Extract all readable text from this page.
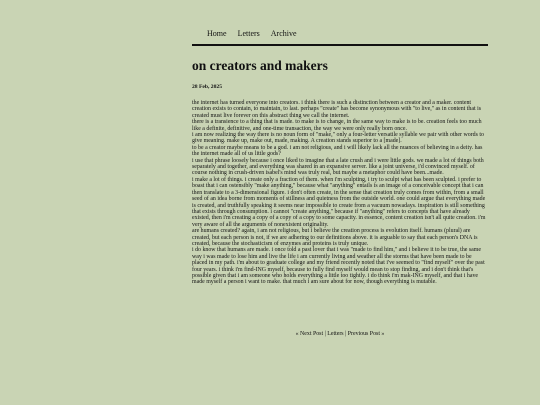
Home Letters Archive
on creators and makers
28 Feb, 2025

the internet has turned everyone into creators. i think there is such a distinction between a creator and a maker. content creation exists to contain, to maintain, to last. perhaps "create" has become synonymous with "to live," as in content that is created must live forever on this abstract thing we call the internet.

there is a transience to a thing that is made. to make is to change, in the same way to make is to be. creation feels too much like a definite, definitive, and one-time transaction, the way we were only really born once.

i am now realizing the way there is no noun form of "make," only a four-letter versatile syllable we pair with other words to give meaning. make up, make out, made, making. A creation stands superior to a [made].

to be a creator maybe means to be a god. i am not religious, and i will likely lack all the nuances of believing in a deity. has the internet made all of us little gods?

i use that phrase loosely because i once liked to imagine that a late crush and i were little gods. we made a lot of things both separately and together, and everything was shared in an expansive server. like a joint universe, i'd convinced myself. of course nothing in crush-driven isabel's mind was truly real, but maybe a metaphor could have been...made.

i make a lot of things. i create only a fraction of them. when i'm sculpting, i try to sculpt what has been sculpted. i prefer to boast that i can ostensibly "make anything," because what "anything" entails is an image of a conceivable concept that i can then translate to a 3-dimensional figure. i don't often create, in the sense that creation truly comes from within, from a small seed of an idea borne from moments of stillness and quietness from the outside world. one could argue that everything made is created, and truthfully speaking it seems near impossible to create from a vacuum nowadays. inspiration is still something that exists through consumption. i cannot "create anything," because if "anything" refers to concepts that have already existed, then i'm creating a copy of a copy of a copy to some capacity. in essence, content creation isn't all quite creation. i'm very aware of all the arguments of nonexistent originality.

are humans created? again, i am not religious, but i believe the creation process is evolution itself. humans (plural) are created, but each person is not, if we are adhering to our definitions above. it is arguable to say that each person's DNA is created, because the stochasticism of enzymes and proteins is truly unique.

i do know that humans are made. i once told a past lover that i was "made to find him," and i believe it to be true, the same way i was made to lose him and live the life i am currently living and weather all the storms that have been made to be placed in my path. i'm about to graduate college and my friend recently noted that i've seemed to "find myself" over the past four years. i think i'm find-ING myself, because to fully find myself would mean to stop finding, and i don't think that's possible given that i am someone who holds everything a little too tightly. i do think i'm mak-ING myself, and that i have made myself a person i want to make. that much i am sure about for now, though everything is mutable.

« Next Post | Letters | Previous Post »
